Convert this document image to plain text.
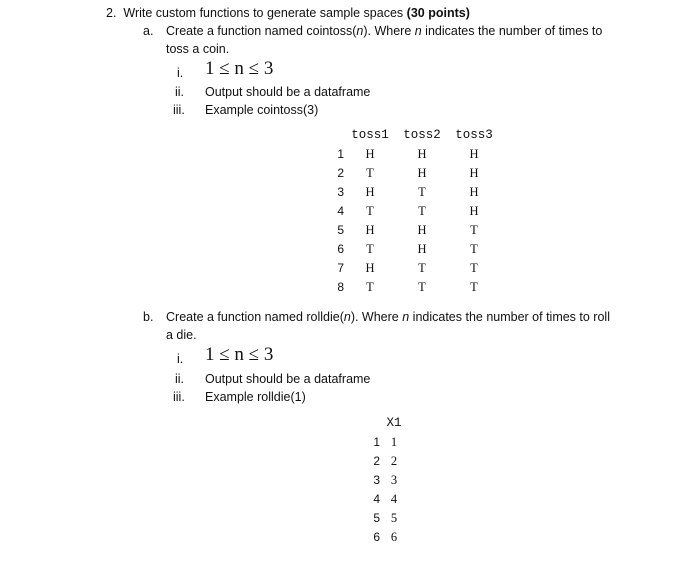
2. Write custom functions to generate sample spaces (30 points)
a. Create a function named cointoss(n). Where n indicates the number of times to
toss a coin.
i. 1 ≤ n ≤ 3
ii. Output should be a dataframe
iii. Example cointoss(3)
	toss1	toss2	toss3
1	H	H	H
2	T	H	H
3	H	T	H
4	T	T	H
5	H	H	T
6	T	H	T
7	H	T	T
8	T	T	T
b. Create a function named rolldie(n). Where n indicates the number of times to roll
a die.
i. 1 ≤ n ≤ 3
ii. Output should be a dataframe
iii. Example rolldie(1)
	X1
1	1
2	2
3	3
4	4
5	5
6	6
